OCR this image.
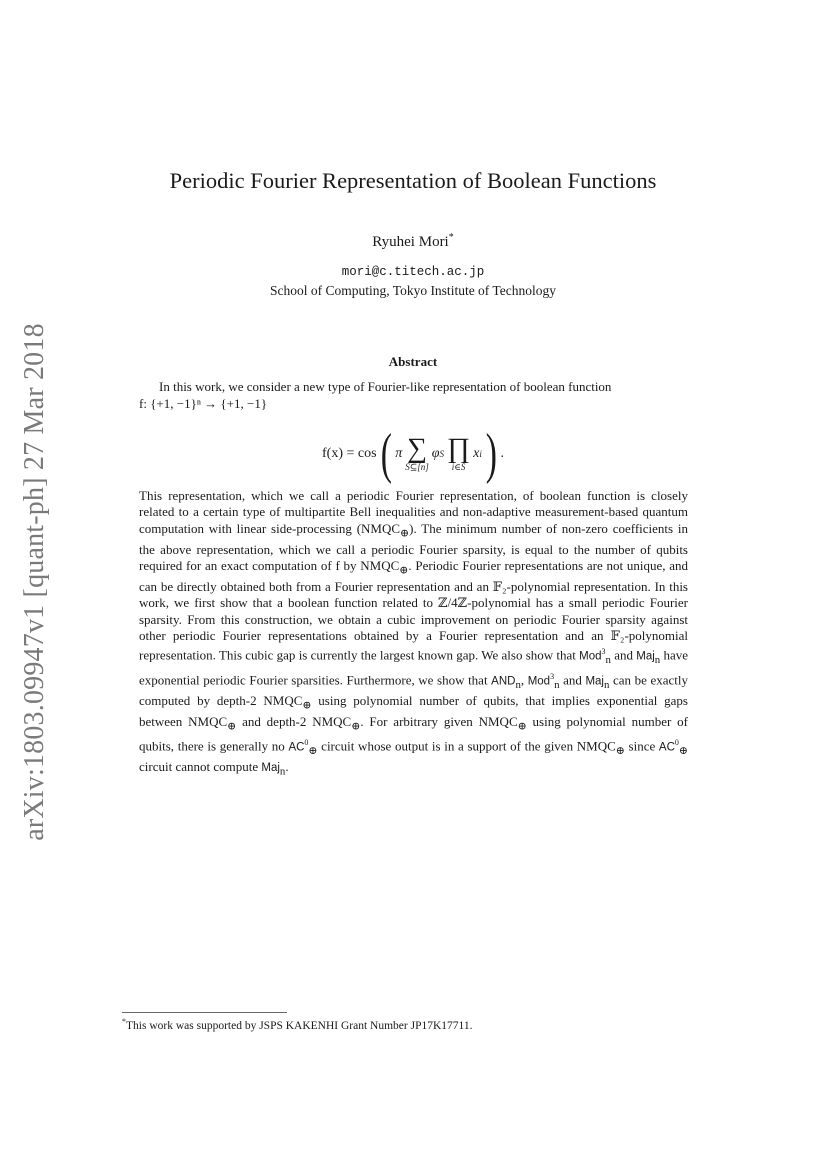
arXiv:1803.09947v1 [quant-ph] 27 Mar 2018
Periodic Fourier Representation of Boolean Functions
Ryuhei Mori*
mori@c.titech.ac.jp
School of Computing, Tokyo Institute of Technology
Abstract
In this work, we consider a new type of Fourier-like representation of boolean function
f: {+1, −1}ⁿ → {+1, −1}
f(x) = cos ( π ∑
S⊆[n]
φ S ∏
i∈S
x i ) .

This representation, which we call a periodic Fourier representation, of boolean function is closely related to a certain type of multipartite Bell inequalities and non-adaptive measurement-based quantum computation with linear side-processing $(NMQC_\oplus)$. The minimum number of non-zero coefficients in the above representation, which we call a periodic Fourier sparsity, is equal to the number of qubits required for an exact computation of f by $NMQC_\oplus$. Periodic Fourier representations are not unique, and can be directly obtained both from a Fourier representation and an 𝔽₂-polynomial representation. In this work, we first show that a boolean function related to ℤ/4ℤ-polynomial has a small periodic Fourier sparsity. From this construction, we obtain a cubic improvement on periodic Fourier sparsity against other periodic Fourier representations obtained by a Fourier representation and an 𝔽₂-polynomial representation. This cubic gap is currently the largest known gap. We also show that Mod$^3_n$ and Maj$_n$ have exponential periodic Fourier sparsities. Furthermore, we show that $AND_n$, Mod$^3_n$ and Maj$_n$ can be exactly computed by depth-2 $NMQC_\oplus$ using polynomial number of qubits, that implies exponential gaps between $NMQC_\oplus$ and depth-2 $NMQC_\oplus$. For arbitrary given $NMQC_\oplus$ using polynomial number of qubits, there is generally no $AC^0_\oplus$ circuit whose output is in a support of the given $NMQC_\oplus$ since $AC^0_\oplus$ circuit cannot compute Maj$_n$.

*This work was supported by JSPS KAKENHI Grant Number JP17K17711.
